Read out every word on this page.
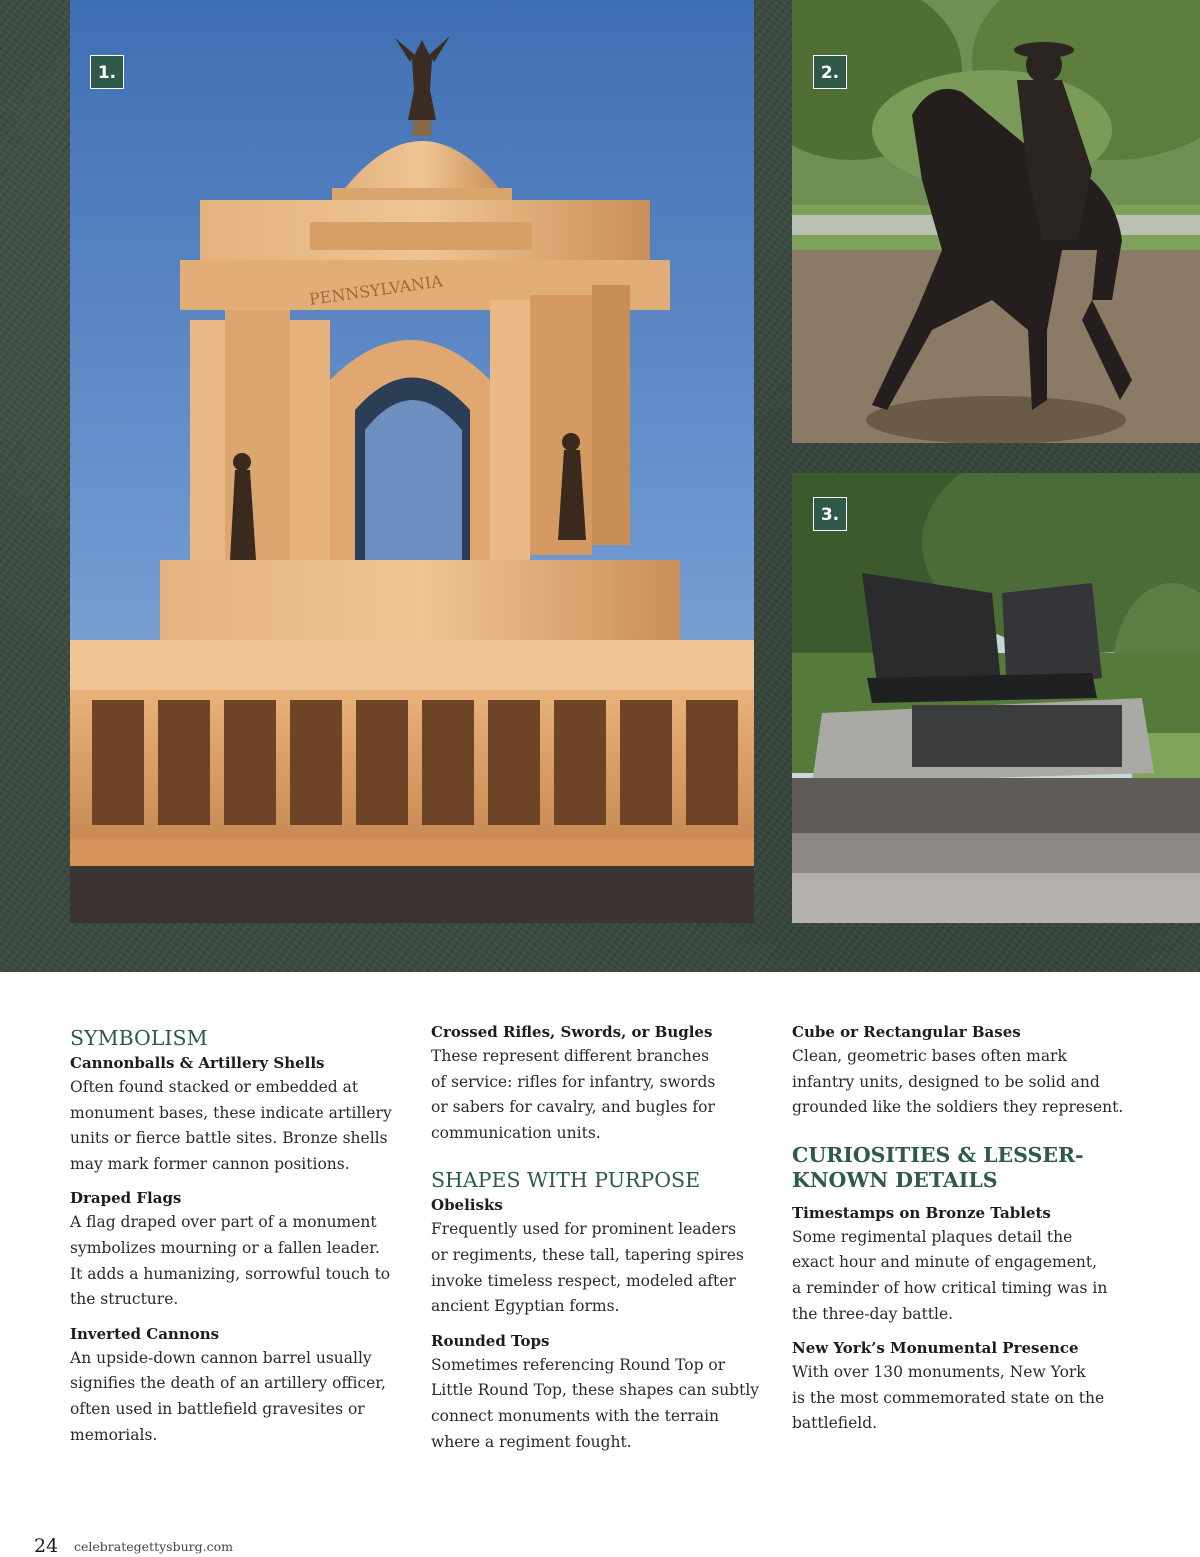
PENNSYLVANIA
1.	2.
3.
SYMBOLISM
Cannonballs & Artillery Shells

Often found stacked or embedded at
monument bases, these indicate artillery
units or fierce battle sites. Bronze shells
may mark former cannon positions.

Draped Flags

A flag draped over part of a monument
symbolizes mourning or a fallen leader.
It adds a humanizing, sorrowful touch to
the structure.

Inverted Cannons

An upside-down cannon barrel usually
signifies the death of an artillery officer,
often used in battlefield gravesites or
memorials.

Crossed Rifles, Swords, or Bugles

These represent different branches
of service: rifles for infantry, swords
or sabers for cavalry, and bugles for
communication units.

SHAPES WITH PURPOSE
Obelisks

Frequently used for prominent leaders
or regiments, these tall, tapering spires
invoke timeless respect, modeled after
ancient Egyptian forms.

Rounded Tops

Sometimes referencing Round Top or
Little Round Top, these shapes can subtly
connect monuments with the terrain
where a regiment fought.

Cube or Rectangular Bases

Clean, geometric bases often mark
infantry units, designed to be solid and
grounded like the soldiers they represent.

CURIOSITIES & LESSER-
KNOWN DETAILS
Timestamps on Bronze Tablets

Some regimental plaques detail the
exact hour and minute of engagement,
a reminder of how critical timing was in
the three-day battle.

New York’s Monumental Presence

With over 130 monuments, New York
is the most commemorated state on the
battlefield.

24 celebrategettysburg.com
